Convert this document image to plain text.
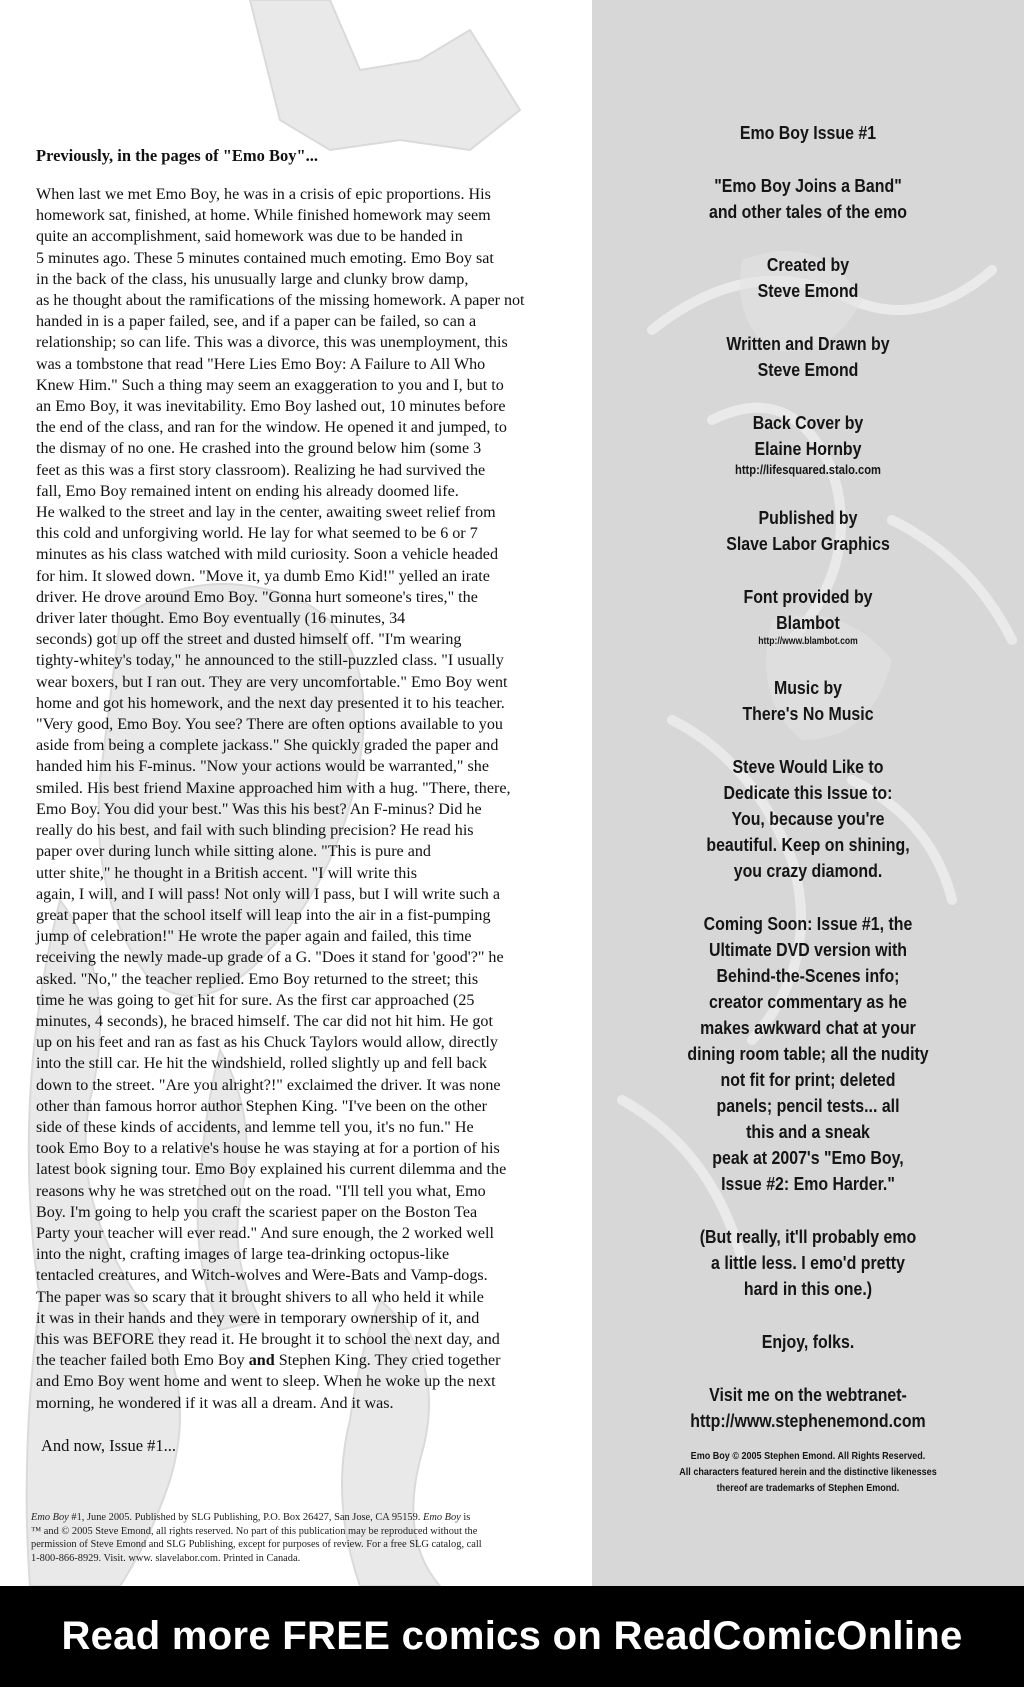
Previously, in the pages of "Emo Boy"...

When last we met Emo Boy, he was in a crisis of epic proportions. His
homework sat, finished, at home. While finished homework may seem
quite an accomplishment, said homework was due to be handed in
5 minutes ago. These 5 minutes contained much emoting. Emo Boy sat
in the back of the class, his unusually large and clunky brow damp,
as he thought about the ramifications of the missing homework. A paper not
handed in is a paper failed, see, and if a paper can be failed, so can a
relationship; so can life. This was a divorce, this was unemployment, this
was a tombstone that read "Here Lies Emo Boy: A Failure to All Who
Knew Him." Such a thing may seem an exaggeration to you and I, but to
an Emo Boy, it was inevitability. Emo Boy lashed out, 10 minutes before
the end of the class, and ran for the window. He opened it and jumped, to
the dismay of no one. He crashed into the ground below him (some 3
feet as this was a first story classroom). Realizing he had survived the
fall, Emo Boy remained intent on ending his already doomed life.
He walked to the street and lay in the center, awaiting sweet relief from
this cold and unforgiving world. He lay for what seemed to be 6 or 7
minutes as his class watched with mild curiosity. Soon a vehicle headed
for him. It slowed down. "Move it, ya dumb Emo Kid!" yelled an irate
driver. He drove around Emo Boy. "Gonna hurt someone's tires," the
driver later thought. Emo Boy eventually (16 minutes, 34
seconds) got up off the street and dusted himself off. "I'm wearing
tighty-whitey's today," he announced to the still-puzzled class. "I usually
wear boxers, but I ran out. They are very uncomfortable." Emo Boy went
home and got his homework, and the next day presented it to his teacher.
"Very good, Emo Boy. You see? There are often options available to you
aside from being a complete jackass." She quickly graded the paper and
handed him his F-minus. "Now your actions would be warranted," she
smiled. His best friend Maxine approached him with a hug. "There, there,
Emo Boy. You did your best." Was this his best? An F-minus? Did he
really do his best, and fail with such blinding precision? He read his
paper over during lunch while sitting alone. "This is pure and
utter shite," he thought in a British accent. "I will write this
again, I will, and I will pass! Not only will I pass, but I will write such a
great paper that the school itself will leap into the air in a fist-pumping
jump of celebration!" He wrote the paper again and failed, this time
receiving the newly made-up grade of a G. "Does it stand for 'good'?" he
asked. "No," the teacher replied. Emo Boy returned to the street; this
time he was going to get hit for sure. As the first car approached (25
minutes, 4 seconds), he braced himself. The car did not hit him. He got
up on his feet and ran as fast as his Chuck Taylors would allow, directly
into the still car. He hit the windshield, rolled slightly up and fell back
down to the street. "Are you alright?!" exclaimed the driver. It was none
other than famous horror author Stephen King. "I've been on the other
side of these kinds of accidents, and lemme tell you, it's no fun." He
took Emo Boy to a relative's house he was staying at for a portion of his
latest book signing tour. Emo Boy explained his current dilemma and the
reasons why he was stretched out on the road. "I'll tell you what, Emo
Boy. I'm going to help you craft the scariest paper on the Boston Tea
Party your teacher will ever read." And sure enough, the 2 worked well
into the night, crafting images of large tea-drinking octopus-like
tentacled creatures, and Witch-wolves and Were-Bats and Vamp-dogs.
The paper was so scary that it brought shivers to all who held it while
it was in their hands and they were in temporary ownership of it, and
this was BEFORE they read it. He brought it to school the next day, and
the teacher failed both Emo Boy and Stephen King. They cried together
and Emo Boy went home and went to sleep. When he woke up the next
morning, he wondered if it was all a dream. And it was.

And now, Issue #1...

Emo Boy #1, June 2005. Published by SLG Publishing, P.O. Box 26427, San Jose, CA 95159. Emo Boy is
™ and © 2005 Steve Emond, all rights reserved. No part of this publication may be reproduced without the
permission of Steve Emond and SLG Publishing, except for purposes of review. For a free SLG catalog, call
1-800-866-8929. Visit. www. slavelabor.com. Printed in Canada.
Emo Boy Issue #1
"Emo Boy Joins a Band"
and other tales of the emo
Created by
Steve Emond
Written and Drawn by
Steve Emond
Back Cover by
Elaine Hornby
http://lifesquared.stalo.com
Published by
Slave Labor Graphics
Font provided by
Blambot
http://www.blambot.com
Music by
There's No Music
Steve Would Like to
Dedicate this Issue to:
You, because you're
beautiful. Keep on shining,
you crazy diamond.
Coming Soon: Issue #1, the
Ultimate DVD version with
Behind-the-Scenes info;
creator commentary as he
makes awkward chat at your
dining room table; all the nudity
not fit for print; deleted
panels; pencil tests... all
this and a sneak
peak at 2007's "Emo Boy,
Issue #2: Emo Harder."
(But really, it'll probably emo
a little less. I emo'd pretty
hard in this one.)
Enjoy, folks.
Visit me on the webtranet-
http://www.stephenemond.com
Emo Boy © 2005 Stephen Emond. All Rights Reserved.
All characters featured herein and the distinctive likenesses
thereof are trademarks of Stephen Emond.
Read more FREE comics on ReadComicOnline
